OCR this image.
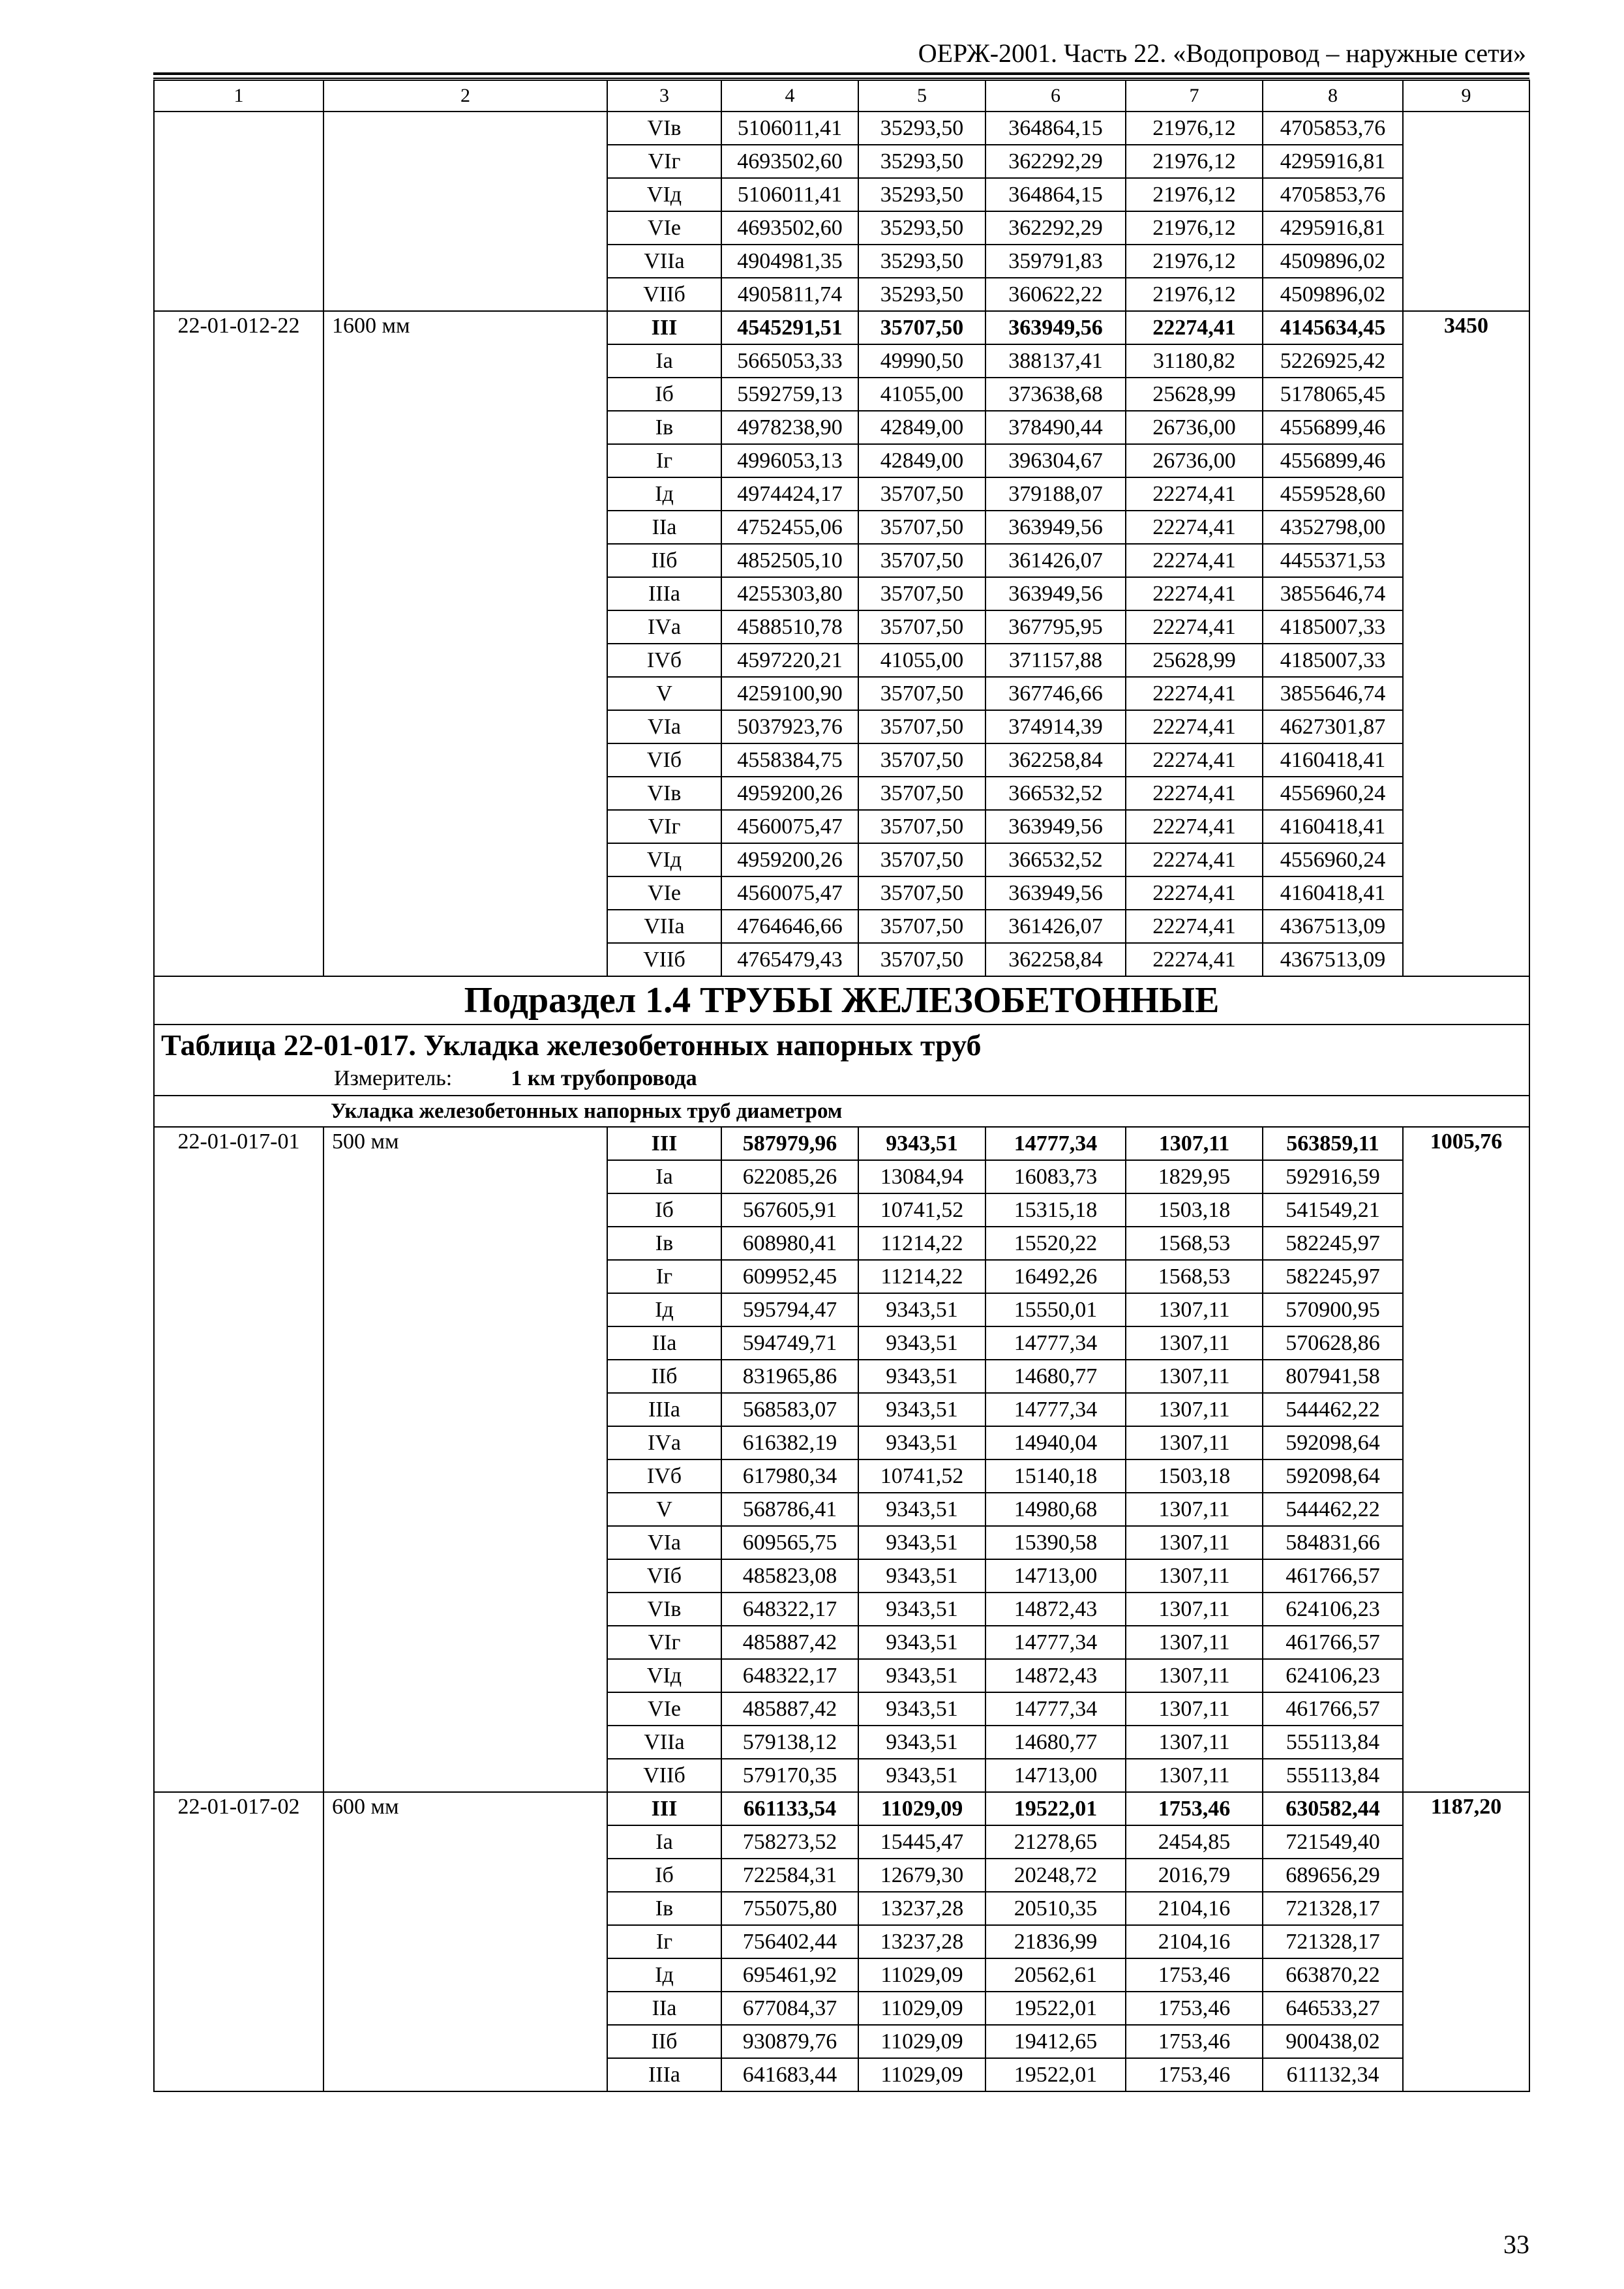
ОЕРЖ-2001. Часть 22. «Водопровод – наружные сети»
1	2	3	4	5	6	7	8	9
		VIв	5106011,41	35293,50	364864,15	21976,12	4705853,76	
		VIг	4693502,60	35293,50	362292,29	21976,12	4295916,81	
		VIд	5106011,41	35293,50	364864,15	21976,12	4705853,76	
		VIе	4693502,60	35293,50	362292,29	21976,12	4295916,81	
		VIIа	4904981,35	35293,50	359791,83	21976,12	4509896,02	
		VIIб	4905811,74	35293,50	360622,22	21976,12	4509896,02	
22-01-012-22	1600 мм	III	4545291,51	35707,50	363949,56	22274,41	4145634,45	3450
		Iа	5665053,33	49990,50	388137,41	31180,82	5226925,42	
		Iб	5592759,13	41055,00	373638,68	25628,99	5178065,45	
		Iв	4978238,90	42849,00	378490,44	26736,00	4556899,46	
		Iг	4996053,13	42849,00	396304,67	26736,00	4556899,46	
		Iд	4974424,17	35707,50	379188,07	22274,41	4559528,60	
		IIа	4752455,06	35707,50	363949,56	22274,41	4352798,00	
		IIб	4852505,10	35707,50	361426,07	22274,41	4455371,53	
		IIIа	4255303,80	35707,50	363949,56	22274,41	3855646,74	
		IVа	4588510,78	35707,50	367795,95	22274,41	4185007,33	
		IVб	4597220,21	41055,00	371157,88	25628,99	4185007,33	
		V	4259100,90	35707,50	367746,66	22274,41	3855646,74	
		VIа	5037923,76	35707,50	374914,39	22274,41	4627301,87	
		VIб	4558384,75	35707,50	362258,84	22274,41	4160418,41	
		VIв	4959200,26	35707,50	366532,52	22274,41	4556960,24	
		VIг	4560075,47	35707,50	363949,56	22274,41	4160418,41	
		VIд	4959200,26	35707,50	366532,52	22274,41	4556960,24	
		VIе	4560075,47	35707,50	363949,56	22274,41	4160418,41	
		VIIа	4764646,66	35707,50	361426,07	22274,41	4367513,09	
		VIIб	4765479,43	35707,50	362258,84	22274,41	4367513,09	
Подраздел 1.4 ТРУБЫ ЖЕЛЕЗОБЕТОННЫЕ								

Таблица 22-01-017. Укладка железобетонных напорных труб
Измеритель: 1 км трубопровода								

Укладка железобетонных напорных труб диаметром								
22-01-017-01	500 мм	III	587979,96	9343,51	14777,34	1307,11	563859,11	1005,76
		Iа	622085,26	13084,94	16083,73	1829,95	592916,59	
		Iб	567605,91	10741,52	15315,18	1503,18	541549,21	
		Iв	608980,41	11214,22	15520,22	1568,53	582245,97	
		Iг	609952,45	11214,22	16492,26	1568,53	582245,97	
		Iд	595794,47	9343,51	15550,01	1307,11	570900,95	
		IIа	594749,71	9343,51	14777,34	1307,11	570628,86	
		IIб	831965,86	9343,51	14680,77	1307,11	807941,58	
		IIIа	568583,07	9343,51	14777,34	1307,11	544462,22	
		IVа	616382,19	9343,51	14940,04	1307,11	592098,64	
		IVб	617980,34	10741,52	15140,18	1503,18	592098,64	
		V	568786,41	9343,51	14980,68	1307,11	544462,22	
		VIа	609565,75	9343,51	15390,58	1307,11	584831,66	
		VIб	485823,08	9343,51	14713,00	1307,11	461766,57	
		VIв	648322,17	9343,51	14872,43	1307,11	624106,23	
		VIг	485887,42	9343,51	14777,34	1307,11	461766,57	
		VIд	648322,17	9343,51	14872,43	1307,11	624106,23	
		VIе	485887,42	9343,51	14777,34	1307,11	461766,57	
		VIIа	579138,12	9343,51	14680,77	1307,11	555113,84	
		VIIб	579170,35	9343,51	14713,00	1307,11	555113,84	
22-01-017-02	600 мм	III	661133,54	11029,09	19522,01	1753,46	630582,44	1187,20
		Iа	758273,52	15445,47	21278,65	2454,85	721549,40	
		Iб	722584,31	12679,30	20248,72	2016,79	689656,29	
		Iв	755075,80	13237,28	20510,35	2104,16	721328,17	
		Iг	756402,44	13237,28	21836,99	2104,16	721328,17	
		Iд	695461,92	11029,09	20562,61	1753,46	663870,22	
		IIа	677084,37	11029,09	19522,01	1753,46	646533,27	
		IIб	930879,76	11029,09	19412,65	1753,46	900438,02	
		IIIа	641683,44	11029,09	19522,01	1753,46	611132,34	
33
